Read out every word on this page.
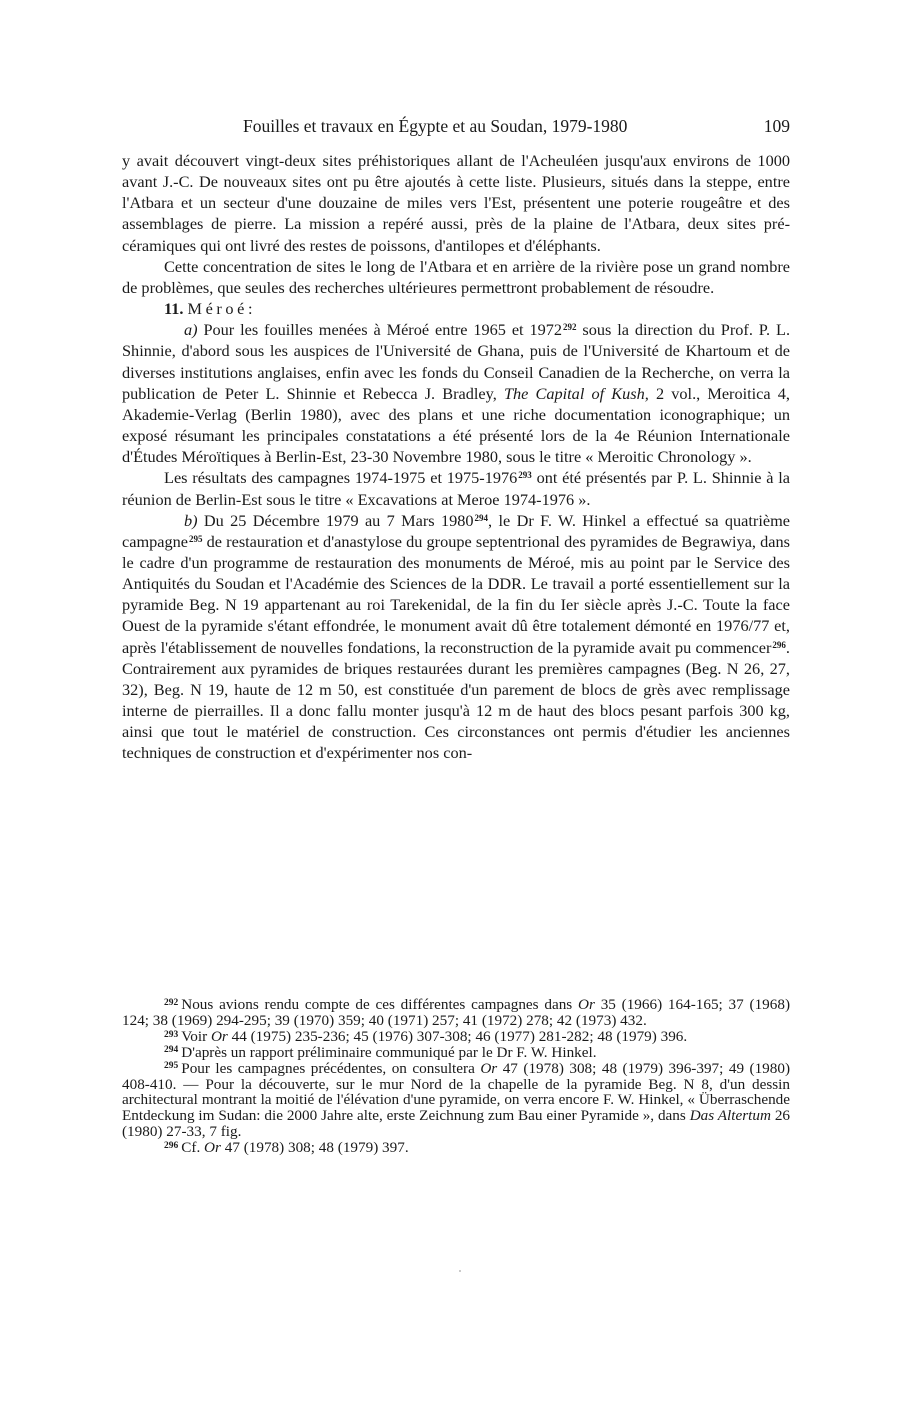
Fouilles et travaux en Égypte et au Soudan, 1979-1980	109

y avait découvert vingt-deux sites préhistoriques allant de l'Acheuléen jusqu'aux environs de 1000 avant J.-C. De nouveaux sites ont pu être ajoutés à cette liste. Plusieurs, situés dans la steppe, entre l'Atbara et un secteur d'une douzaine de miles vers l'Est, présentent une poterie rougeâtre et des assemblages de pierre. La mission a repéré aussi, près de la plaine de l'Atbara, deux sites pré-céramiques qui ont livré des restes de poissons, d'antilopes et d'éléphants.

Cette concentration de sites le long de l'Atbara et en arrière de la rivière pose un grand nombre de problèmes, que seules des recherches ultérieures permettront probablement de résoudre.

11. Méroé:

a) Pour les fouilles menées à Méroé entre 1965 et 1972$^{292}$ sous la direction du Prof. P. L. Shinnie, d'abord sous les auspices de l'Université de Ghana, puis de l'Université de Khartoum et de diverses institutions anglaises, enfin avec les fonds du Conseil Canadien de la Recherche, on verra la publication de Peter L. Shinnie et Rebecca J. Bradley, The Capital of Kush, 2 vol., Meroitica 4, Akademie-Verlag (Berlin 1980), avec des plans et une riche documentation iconographique; un exposé résumant les principales constatations a été présenté lors de la 4e Réunion Internationale d'Études Méroïtiques à Berlin-Est, 23-30 Novembre 1980, sous le titre « Meroitic Chronology ».

Les résultats des campagnes 1974-1975 et 1975-1976$^{293}$ ont été présentés par P. L. Shinnie à la réunion de Berlin-Est sous le titre « Excavations at Meroe 1974-1976 ».

b) Du 25 Décembre 1979 au 7 Mars 1980$^{294}$, le Dr F. W. Hinkel a effectué sa quatrième campagne$^{295}$ de restauration et d'anastylose du groupe septentrional des pyramides de Begrawiya, dans le cadre d'un programme de restauration des monuments de Méroé, mis au point par le Service des Antiquités du Soudan et l'Académie des Sciences de la DDR. Le travail a porté essentiellement sur la pyramide Beg. N 19 appartenant au roi Tarekenidal, de la fin du Ier siècle après J.-C. Toute la face Ouest de la pyramide s'étant effondrée, le monument avait dû être totalement démonté en 1976/77 et, après l'établissement de nouvelles fondations, la reconstruction de la pyramide avait pu commencer$^{296}$. Contrairement aux pyramides de briques restaurées durant les premières campagnes (Beg. N 26, 27, 32), Beg. N 19, haute de 12 m 50, est constituée d'un parement de blocs de grès avec remplissage interne de pierrailles. Il a donc fallu monter jusqu'à 12 m de haut des blocs pesant parfois 300 kg, ainsi que tout le matériel de construction. Ces circonstances ont permis d'étudier les anciennes techniques de construction et d'expérimenter nos con-

$^{292}$ Nous avions rendu compte de ces différentes campagnes dans Or 35 (1966) 164-165; 37 (1968) 124; 38 (1969) 294-295; 39 (1970) 359; 40 (1971) 257; 41 (1972) 278; 42 (1973) 432.

$^{293}$ Voir Or 44 (1975) 235-236; 45 (1976) 307-308; 46 (1977) 281-282; 48 (1979) 396.

$^{294}$ D'après un rapport préliminaire communiqué par le Dr F. W. Hinkel.

$^{295}$ Pour les campagnes précédentes, on consultera Or 47 (1978) 308; 48 (1979) 396-397; 49 (1980) 408-410. — Pour la découverte, sur le mur Nord de la chapelle de la pyramide Beg. N 8, d'un dessin architectural montrant la moitié de l'élévation d'une pyramide, on verra encore F. W. Hinkel, « Überraschende Entdeckung im Sudan: die 2000 Jahre alte, erste Zeichnung zum Bau einer Pyramide », dans Das Altertum 26 (1980) 27-33, 7 fig.

$^{296}$ Cf. Or 47 (1978) 308; 48 (1979) 397.
